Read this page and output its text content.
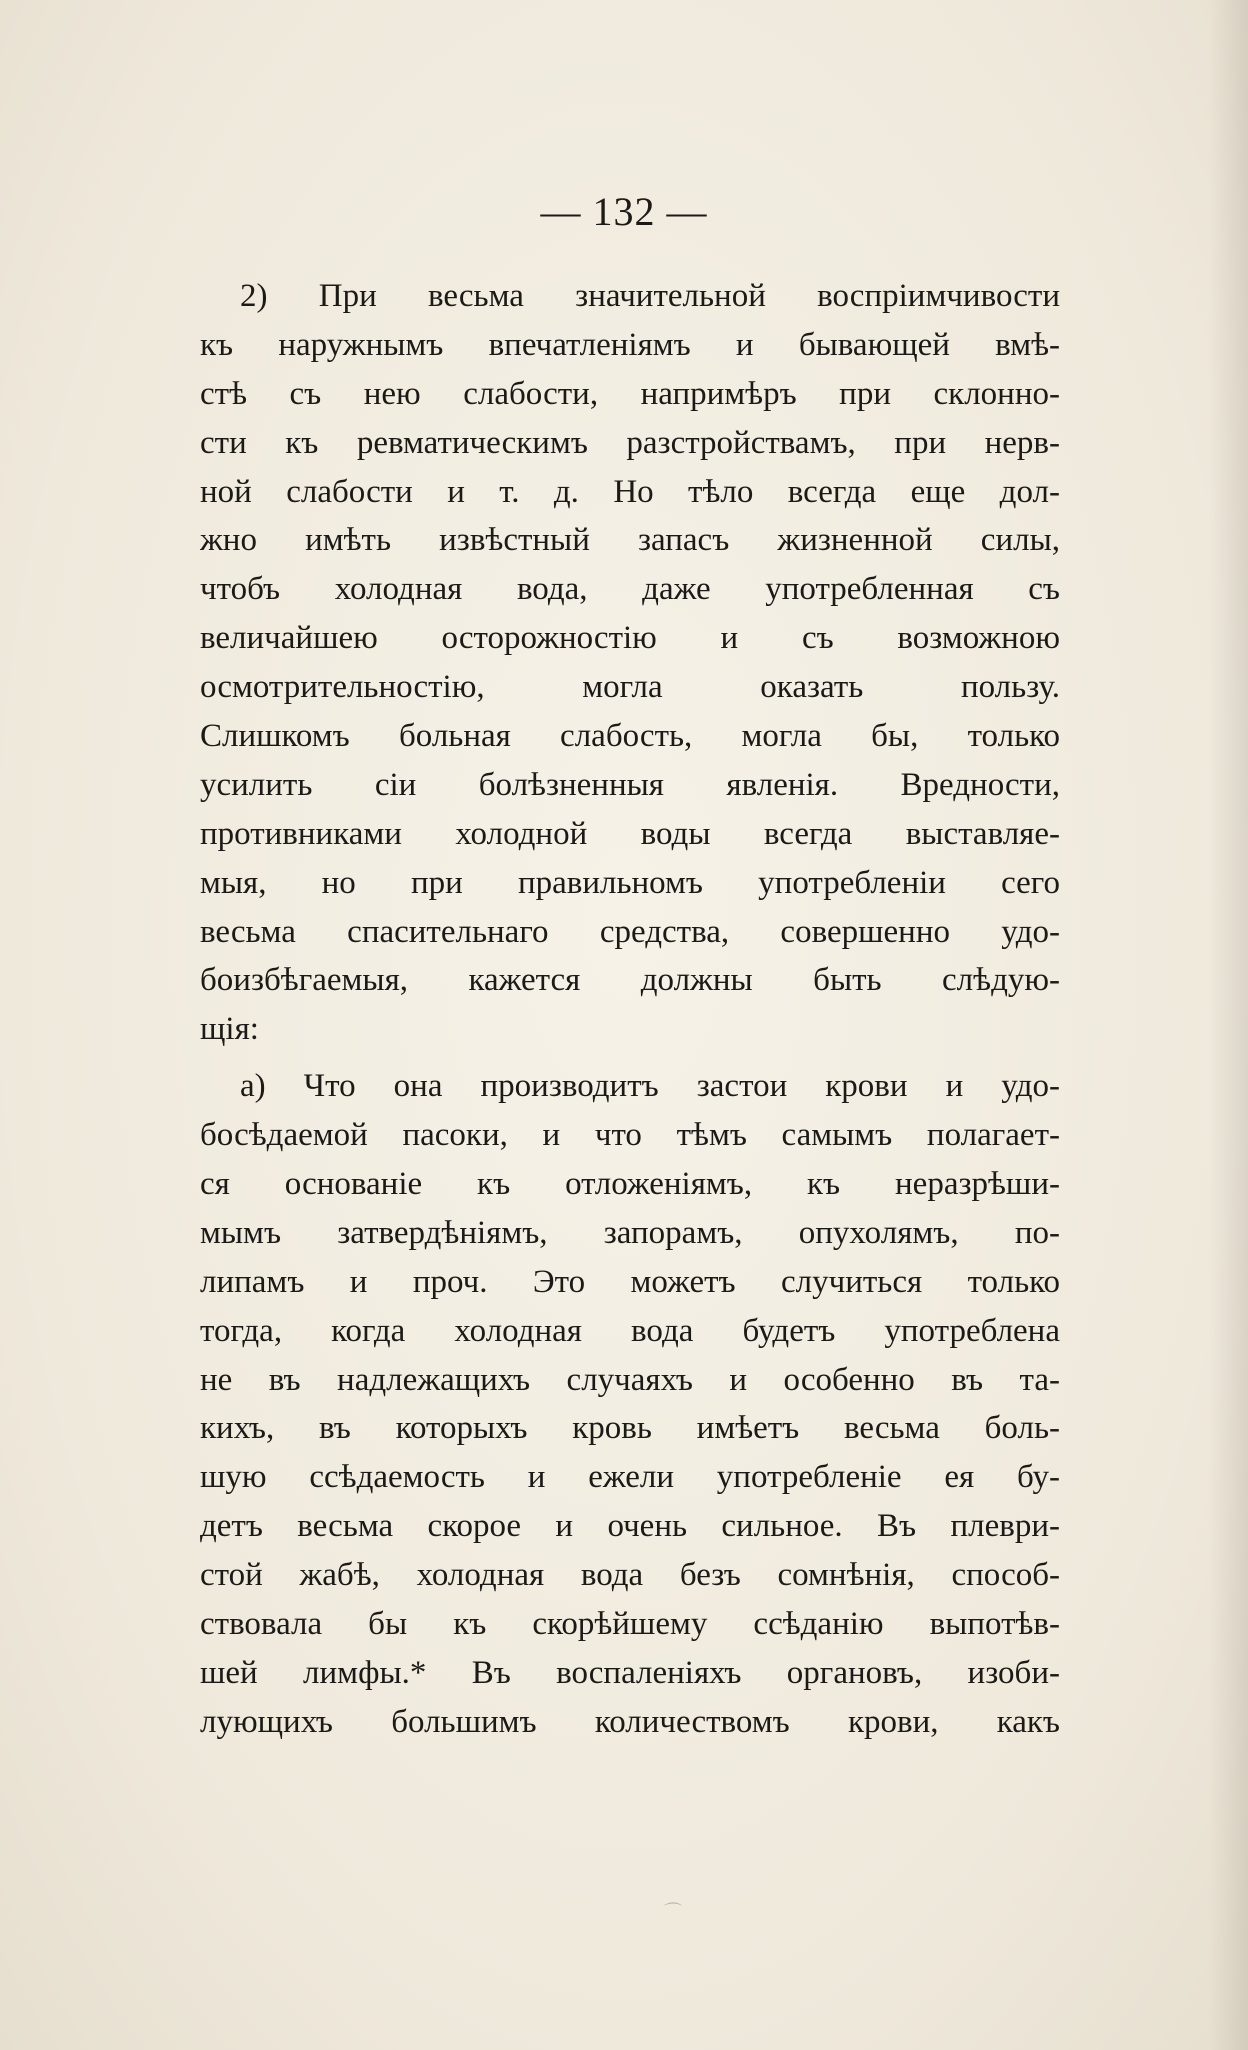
— 132 —
2) При весьма значительной воспріимчивости
къ наружнымъ впечатленіямъ и бывающей вмѣ-
стѣ съ нею слабости, напримѣръ при склонно-
сти къ ревматическимъ разстройствамъ, при нерв-
ной слабости и т. д. Но тѣло всегда еще дол-
жно имѣть извѣстный запасъ жизненной силы,
чтобъ холодная вода, даже употребленная съ
величайшею осторожностію и съ возможною
осмотрительностію, могла оказать пользу.
Слишкомъ больная слабость, могла бы, только
усилить сіи болѣзненныя явленія. Вредности,
противниками холодной воды всегда выставляе-
мыя, но при правильномъ употребленіи сего
весьма спасительнаго средства, совершенно удо-
боизбѣгаемыя, кажется должны быть слѣдую-
щія:
а) Что она производитъ застои крови и удо-
босѣдаемой пасоки, и что тѣмъ самымъ полагает-
ся основаніе къ отложеніямъ, къ неразрѣши-
мымъ затвердѣніямъ, запорамъ, опухолямъ, по-
липамъ и проч. Это можетъ случиться только
тогда, когда холодная вода будетъ употреблена
не въ надлежащихъ случаяхъ и особенно въ та-
кихъ, въ которыхъ кровь имѣетъ весьма боль-
шую ссѣдаемость и ежели употребленіе ея бу-
детъ весьма скорое и очень сильное. Въ плеври-
стой жабѣ, холодная вода безъ сомнѣнія, способ-
ствовала бы къ скорѣйшему ссѣданію выпотѣв-
шей лимфы.* Въ воспаленіяхъ органовъ, изоби-
лующихъ большимъ количествомъ крови, какъ
⌒
